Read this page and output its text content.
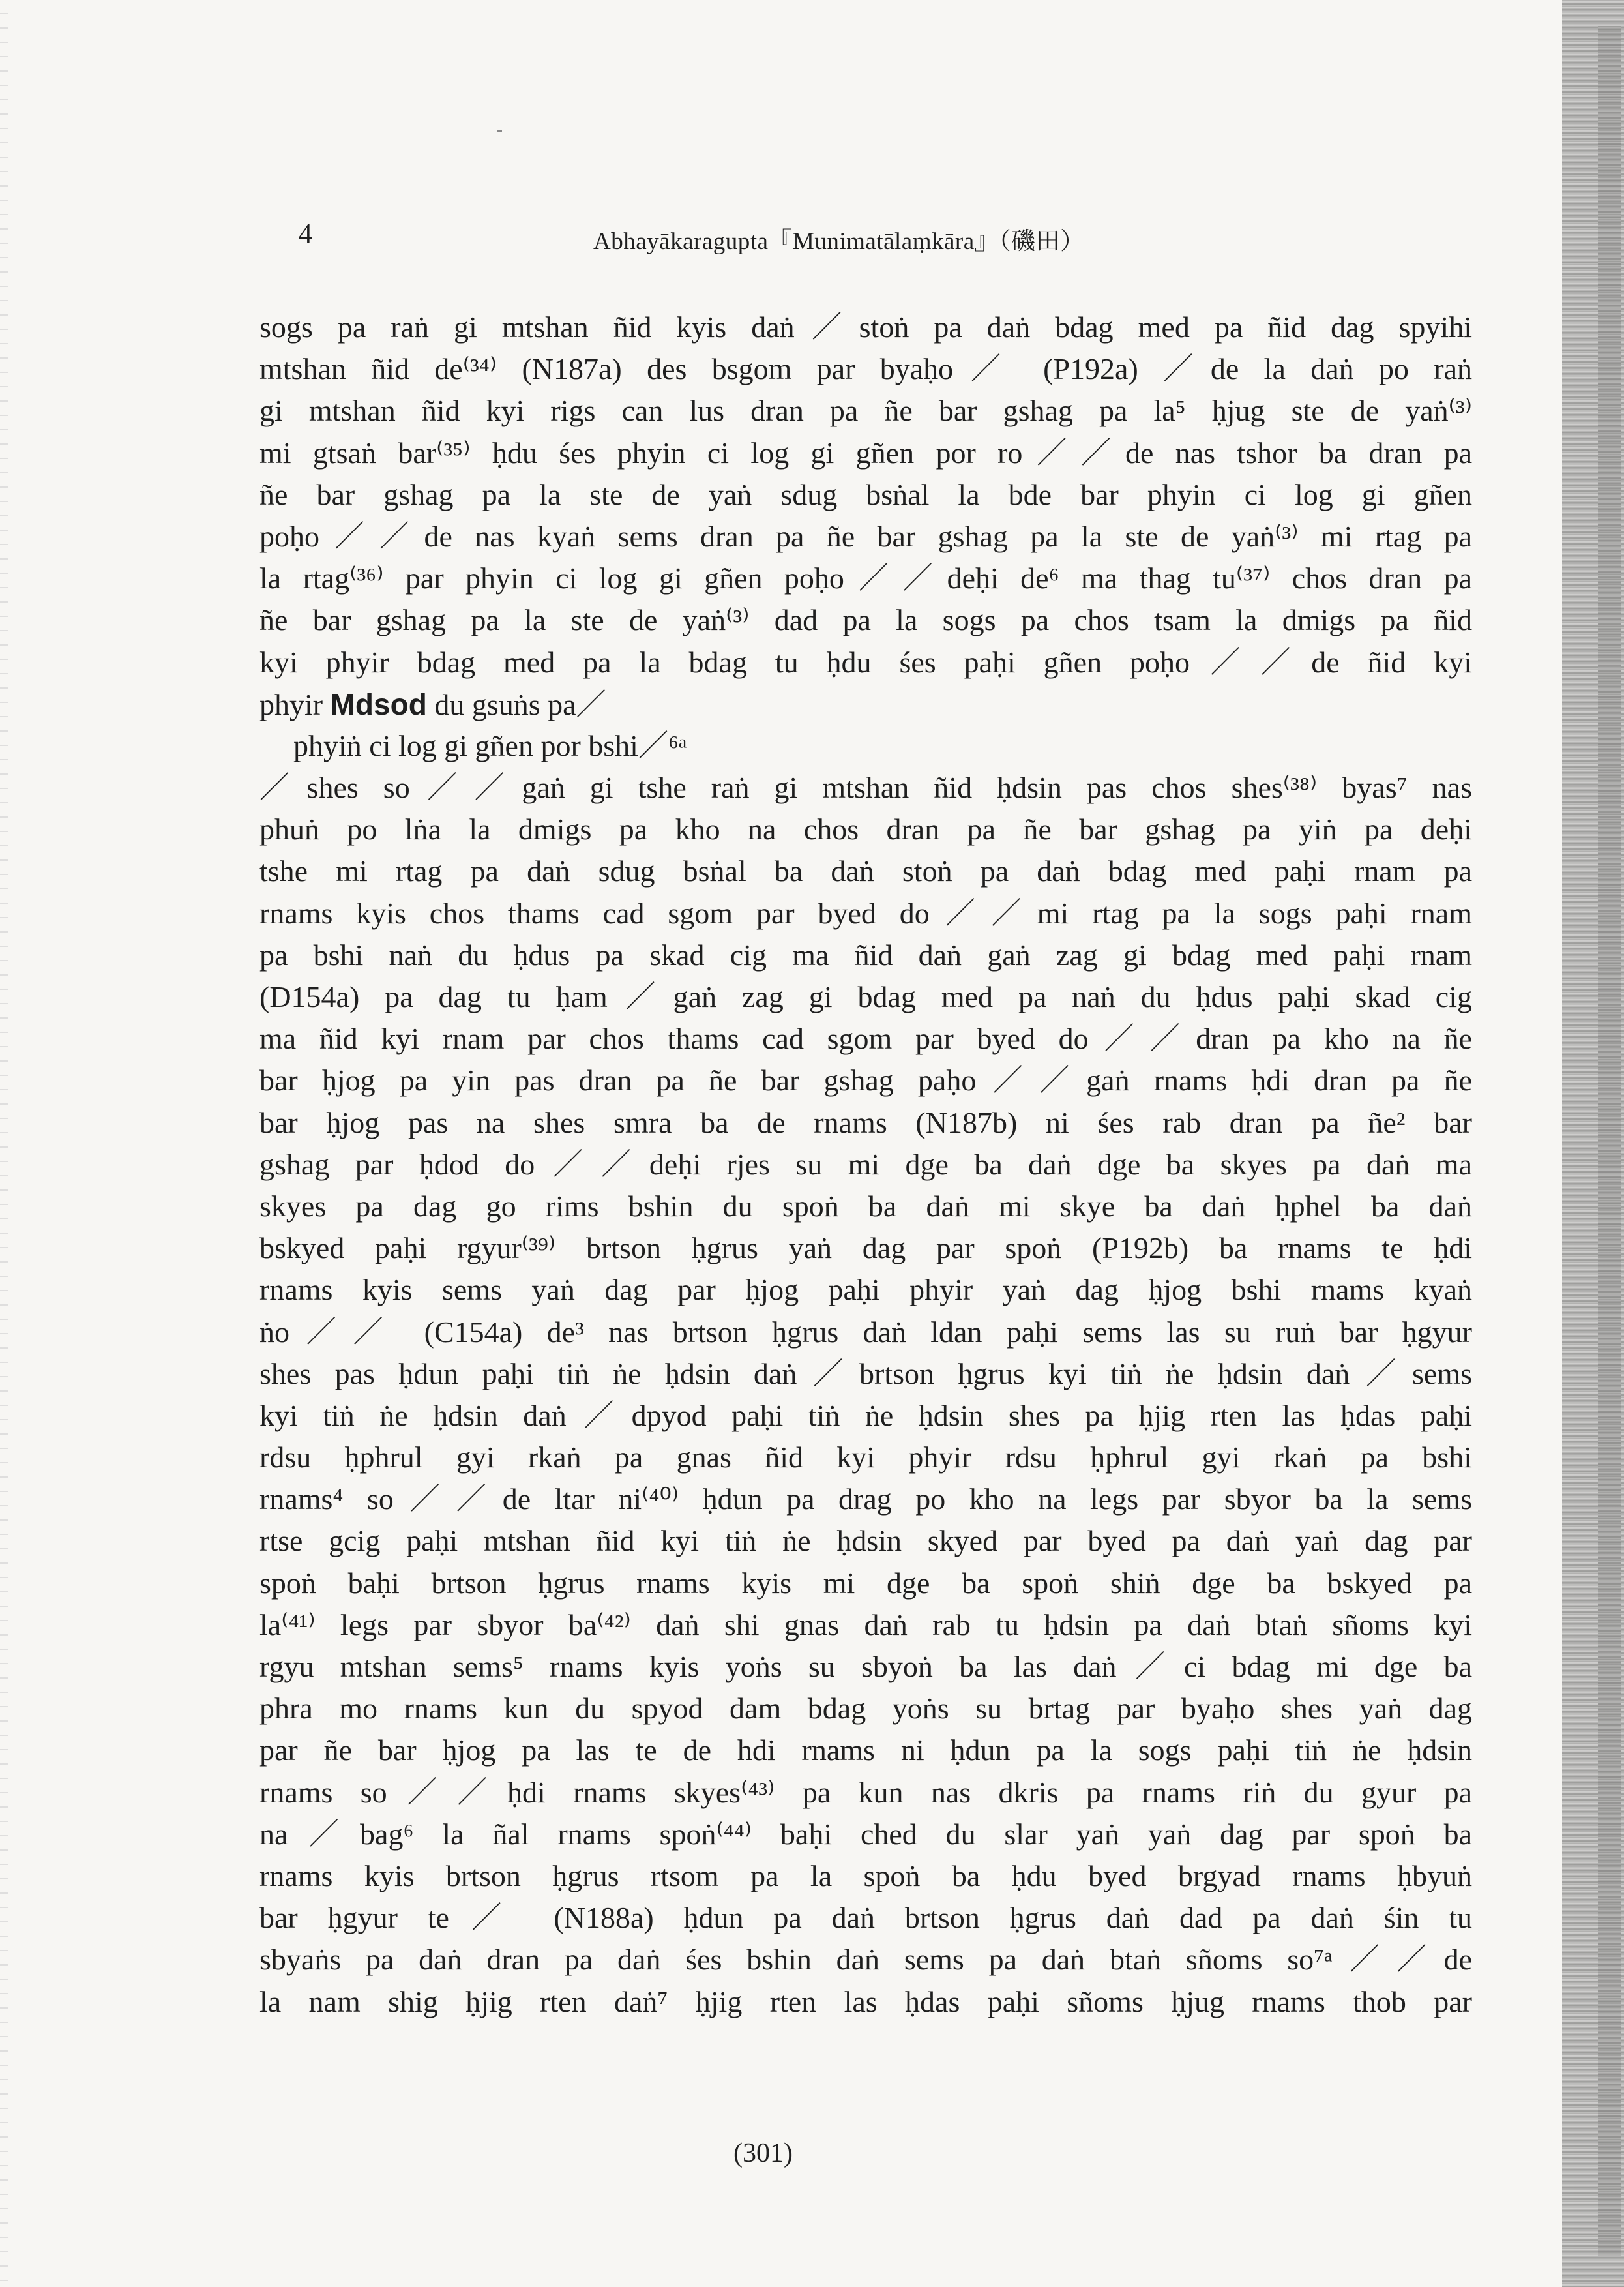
4	Abhayākaragupta『Munimatālaṃkāra』（磯田）
sogs pa raṅ gi mtshan ñid kyis daṅ／stoṅ pa daṅ bdag med pa ñid dag spyihi
mtshan ñid de⁽³⁴⁾ (N187a) des bsgom par byaḥo／ (P192a) ／de la daṅ po raṅ
gi mtshan ñid kyi rigs can lus dran pa ñe bar gshag pa la⁵ ḥjug ste de yaṅ⁽³⁾
mi gtsaṅ bar⁽³⁵⁾ ḥdu śes phyin ci log gi gñen por ro／／de nas tshor ba dran pa
ñe bar gshag pa la ste de yaṅ sdug bsṅal la bde bar phyin ci log gi gñen
poḥo／／de nas kyaṅ sems dran pa ñe bar gshag pa la ste de yaṅ⁽³⁾ mi rtag pa
la rtag⁽³⁶⁾ par phyin ci log gi gñen poḥo／／deḥi de⁶ ma thag tu⁽³⁷⁾ chos dran pa
ñe bar gshag pa la ste de yaṅ⁽³⁾ dad pa la sogs pa chos tsam la dmigs pa ñid
kyi phyir bdag med pa la bdag tu ḥdu śes paḥi gñen poḥo／／de ñid kyi
phyir Mdsod du gsuṅs pa／
phyiṅ ci log gi gñen por bshi／⁶ᵃ
／shes so／／gaṅ gi tshe raṅ gi mtshan ñid ḥdsin pas chos shes⁽³⁸⁾ byas⁷ nas
phuṅ po lṅa la dmigs pa kho na chos dran pa ñe bar gshag pa yiṅ pa deḥi
tshe mi rtag pa daṅ sdug bsṅal ba daṅ stoṅ pa daṅ bdag med paḥi rnam pa
rnams kyis chos thams cad sgom par byed do／／mi rtag pa la sogs paḥi rnam
pa bshi naṅ du ḥdus pa skad cig ma ñid daṅ gaṅ zag gi bdag med paḥi rnam
(D154a) pa dag tu ḥam／gaṅ zag gi bdag med pa naṅ du ḥdus paḥi skad cig
ma ñid kyi rnam par chos thams cad sgom par byed do／／dran pa kho na ñe
bar ḥjog pa yin pas dran pa ñe bar gshag paḥo／／gaṅ rnams ḥdi dran pa ñe
bar ḥjog pas na shes smra ba de rnams (N187b) ni śes rab dran pa ñe² bar
gshag par ḥdod do／／deḥi rjes su mi dge ba daṅ dge ba skyes pa daṅ ma
skyes pa dag go rims bshin du spoṅ ba daṅ mi skye ba daṅ ḥphel ba daṅ
bskyed paḥi rgyur⁽³⁹⁾ brtson ḥgrus yaṅ dag par spoṅ (P192b) ba rnams te ḥdi
rnams kyis sems yaṅ dag par ḥjog paḥi phyir yaṅ dag ḥjog bshi rnams kyaṅ
ṅo／／ (C154a) de³ nas brtson ḥgrus daṅ ldan paḥi sems las su ruṅ bar ḥgyur
shes pas ḥdun paḥi tiṅ ṅe ḥdsin daṅ／brtson ḥgrus kyi tiṅ ṅe ḥdsin daṅ／sems
kyi tiṅ ṅe ḥdsin daṅ／dpyod paḥi tiṅ ṅe ḥdsin shes pa ḥjig rten las ḥdas paḥi
rdsu ḥphrul gyi rkaṅ pa gnas ñid kyi phyir rdsu ḥphrul gyi rkaṅ pa bshi
rnams⁴ so／／de ltar ni⁽⁴⁰⁾ ḥdun pa drag po kho na legs par sbyor ba la sems
rtse gcig paḥi mtshan ñid kyi tiṅ ṅe ḥdsin skyed par byed pa daṅ yaṅ dag par
spoṅ baḥi brtson ḥgrus rnams kyis mi dge ba spoṅ shiṅ dge ba bskyed pa
la⁽⁴¹⁾ legs par sbyor ba⁽⁴²⁾ daṅ shi gnas daṅ rab tu ḥdsin pa daṅ btaṅ sñoms kyi
rgyu mtshan sems⁵ rnams kyis yoṅs su sbyoṅ ba las daṅ／ci bdag mi dge ba
phra mo rnams kun du spyod dam bdag yoṅs su brtag par byaḥo shes yaṅ dag
par ñe bar ḥjog pa las te de hdi rnams ni ḥdun pa la sogs paḥi tiṅ ṅe ḥdsin
rnams so／／ḥdi rnams skyes⁽⁴³⁾ pa kun nas dkris pa rnams riṅ du gyur pa
na／bag⁶ la ñal rnams spoṅ⁽⁴⁴⁾ baḥi ched du slar yaṅ yaṅ dag par spoṅ ba
rnams kyis brtson ḥgrus rtsom pa la spoṅ ba ḥdu byed brgyad rnams ḥbyuṅ
bar ḥgyur te／ (N188a) ḥdun pa daṅ brtson ḥgrus daṅ dad pa daṅ śin tu
sbyaṅs pa daṅ dran pa daṅ śes bshin daṅ sems pa daṅ btaṅ sñoms so⁷ᵃ／／de
la nam shig ḥjig rten daṅ⁷ ḥjig rten las ḥdas paḥi sñoms ḥjug rnams thob par
(301)
